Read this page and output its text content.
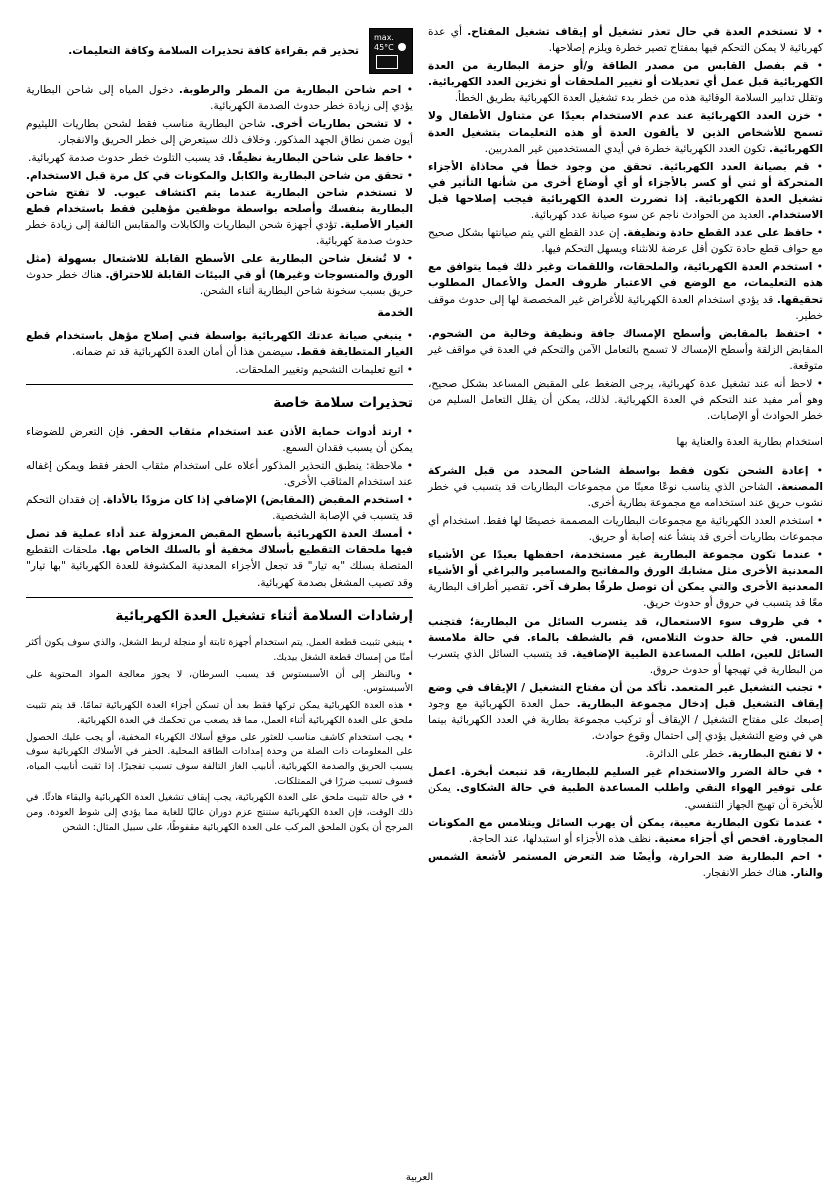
• لا تستخدم العدة في حال تعذر تشغيل أو إيقاف تشغيل المفتاح. أي عدة كهربائية لا يمكن التحكم فيها بمفتاح تصير خطرة ويلزم إصلاحها.
• قم بفصل القابس من مصدر الطاقة و/أو حزمة البطارية من العدة الكهربائية قبل عمل أي تعديلات أو تغيير الملحقات أو تخزين العدد الكهربائية. وتقلل تدابير السلامة الوقائية هذه من خطر بدء تشغيل العدة الكهربائية بطريق الخطأ.
• خزن العدد الكهربائية عند عدم الاستخدام بعيدًا عن متناول الأطفال ولا تسمح للأشخاص الذين لا يألفون العدة أو هذه التعليمات بتشغيل العدة الكهربائية. تكون العدد الكهربائية خطرة في أيدي المستخدمين غير المدربين.
• قم بصيانة العدد الكهربائية. تحقق من وجود خطأ في محاذاة الأجزاء المتحركة أو ثني أو كسر بالأجزاء أو أي أوضاع أخرى من شأنها التأثير في تشغيل العدة الكهربائية. إذا تضررت العدة الكهربائية فيجب إصلاحها قبل الاستخدام. العديد من الحوادث ناجم عن سوء صيانة عدد كهربائية.
• حافظ على عدد القطع حادة ونظيفة. إن عدد القطع التي يتم صيانتها بشكل صحيح مع حواف قطع حادة تكون أقل عرضة للانثناء ويسهل التحكم فيها.
• استخدم العدة الكهربائية، والملحقات، واللقمات وغير ذلك فيما يتوافق مع هذه التعليمات، مع الوضع في الاعتبار ظروف العمل والأعمال المطلوب تحقيقها. قد يؤدي استخدام العدة الكهربائية للأغراض غير المخصصة لها إلى حدوث موقف خطير.
• احتفظ بالمقابض وأسطح الإمساك جافة ونظيفة وخالية من الشحوم. المقابض الزلقة وأسطح الإمساك لا تسمح بالتعامل الآمن والتحكم في العدة في مواقف غير متوقعة.
• لاحظ أنه عند تشغيل عدة كهربائية، يرجى الضغط على المقبض المساعد بشكل صحيح، وهو أمر مفيد عند التحكم في العدة الكهربائية. لذلك، يمكن أن يقلل التعامل السليم من خطر الحوادث أو الإصابات.
استخدام بطارية العدة والعناية بها
• إعادة الشحن تكون فقط بواسطة الشاحن المحدد من قبل الشركة المصنعة. الشاحن الذي يناسب نوعًا معينًا من مجموعات البطاريات قد يتسبب في خطر نشوب حريق عند استخدامه مع مجموعة بطارية أخرى.
• استخدم العدد الكهربائية مع مجموعات البطاريات المصممة خصيصًا لها فقط. استخدام أي مجموعات بطاريات أخرى قد ينشأ عنه إصابة أو حريق.
• عندما تكون مجموعة البطارية غير مستخدمة، احفظها بعيدًا عن الأشياء المعدنية الأخرى مثل مشابك الورق والمفاتيح والمسامير والبراغي أو الأشياء المعدنية الأخرى والتي يمكن أن توصل طرفًا بطرف آخر. تقصير أطراف البطارية معًا قد يتسبب في حروق أو حدوث حريق.
• في ظروف سوء الاستعمال، قد يتسرب السائل من البطارية؛ فتجنب اللمس. في حالة حدوث التلامس، قم بالشطف بالماء. في حالة ملامسة السائل للعين، اطلب المساعدة الطبية الإضافية. قد يتسبب السائل الذي يتسرب من البطارية في تهيجها أو حدوث حروق.
• تجنب التشغيل غير المتعمد. تأكد من أن مفتاح التشغيل / الإيقاف في وضع إيقاف التشغيل قبل إدخال مجموعة البطارية. حمل العدة الكهربائية مع وجود إصبعك على مفتاح التشغيل / الإيقاف أو تركيب مجموعة بطارية في العدد الكهربائية بينما هي في وضع التشغيل يؤدي إلى احتمال وقوع حوادث.
• لا تفتح البطارية. خطر على الدائرة.
• في حالة الضرر والاستخدام غير السليم للبطارية، قد تنبعث أبخرة. اعمل على توفير الهواء النقي واطلب المساعدة الطبية في حالة الشكاوى. يمكن للأبخرة أن تهيج الجهاز التنفسي.
• عندما تكون البطارية معيبة، يمكن أن يهرب السائل ويتلامس مع المكونات المجاورة. افحص أي أجزاء معنية. نظف هذه الأجزاء أو استبدلها، عند الحاجة.
• احم البطارية ضد الحرارة، وأيضًا ضد التعرض المستمر لأشعة الشمس والنار. هناك خطر الانفجار.
max.
45°C
تحذير قم بقراءة كافة تحذيرات السلامة وكافة التعليمات.
• احم شاحن البطارية من المطر والرطوبة. دخول المياه إلى شاحن البطارية يؤدي إلى زيادة خطر حدوث الصدمة الكهربائية.
• لا تشحن بطاريات أخرى. شاحن البطارية مناسب فقط لشحن بطاريات الليثيوم أيون ضمن نطاق الجهد المذكور. وخلاف ذلك سيتعرض إلى خطر الحريق والانفجار.
• حافظ على شاحن البطارية نظيفًا. قد يسبب التلوث خطر حدوث صدمة كهربائية.
• تحقق من شاحن البطارية والكابل والمكونات في كل مرة قبل الاستخدام. لا تستخدم شاحن البطارية عندما يتم اكتشاف عيوب. لا تفتح شاحن البطارية بنفسك وأصلحه بواسطة موظفين مؤهلين فقط باستخدام قطع الغيار الأصلية. تؤدي أجهزة شحن البطاريات والكابلات والمقابس التالفة إلى زيادة خطر حدوث صدمة كهربائية.
• لا تُشغل شاحن البطارية على الأسطح القابلة للاشتعال بسهولة (مثل الورق والمنسوجات وغيرها) أو في البيئات القابلة للاحتراق. هناك خطر حدوث حريق بسبب سخونة شاحن البطارية أثناء الشحن.
الخدمة
• ينبغي صيانة عدتك الكهربائية بواسطة فني إصلاح مؤهل باستخدام قطع الغيار المتطابقة فقط. سيضمن هذا أن أمان العدة الكهربائية قد تم ضمانه.
• اتبع تعليمات التشحيم وتغيير الملحقات.
تحذيرات سلامة خاصة
• ارتد أدوات حماية الأذن عند استخدام مثقاب الحفر. فإن التعرض للضوضاء يمكن أن يسبب فقدان السمع.
• ملاحظة: ينطبق التحذير المذكور أعلاه على استخدام مثقاب الحفر فقط ويمكن إغفاله عند استخدام المثاقب الأخرى.
• استخدم المقبض (المقابض) الإضافي إذا كان مزودًا بالأداة. إن فقدان التحكم قد يتسبب في الإصابة الشخصية.
• أمسك العدة الكهربائية بأسطح المقبض المعزولة عند أداء عملية قد تصل فيها ملحقات التقطيع بأسلاك مخفية أو بالسلك الخاص بها. ملحقات التقطيع المتصلة بسلك "به تيار" قد تجعل الأجزاء المعدنية المكشوفة للعدة الكهربائية "بها تيار" وقد تصيب المشغل بصدمة كهربائية.
إرشادات السلامة أثناء تشغيل العدة الكهربائية
• ينبغي تثبيت قطعة العمل. يتم استخدام أجهزة ثابتة أو منجلة لربط الشغل، والذي سوف يكون أكثر أمنًا من إمساك قطعة الشغل بيديك.
• وبالنظر إلى أن الأسبستوس قد يسبب السرطان، لا يجوز معالجة المواد المحتوية على الأسبستوس.
• هذه العدة الكهربائية يمكن تركها فقط بعد أن تسكن أجزاء العدة الكهربائية تمامًا. قد يتم تثبيت ملحق على العدة الكهربائية أثناء العمل، مما قد يصعب من تحكمك في العدة الكهربائية.
• يجب استخدام كاشف مناسب للعثور على موقع أسلاك الكهرباء المخفية، أو يجب عليك الحصول على المعلومات ذات الصلة من وحدة إمدادات الطاقة المحلية. الحفر في الأسلاك الكهربائية سوف يسبب الحريق والصدمة الكهربائية. أنابيب الغاز التالفة سوف تسبب تفجيرًا. إذا ثقبت أنابيب المياه، فسوف تسبب ضررًا في الممتلكات.
• في حالة تثبيت ملحق على العدة الكهربائية، يجب إيقاف تشغيل العدة الكهربائية والبقاء هادئًا. في ذلك الوقت، فإن العدة الكهربائية ستنتج عزم دوران عاليًا للغاية مما يؤدي إلى شوط العودة. ومن المرجح أن يكون الملحق المركب على العدة الكهربائية مقفوطًا، على سبيل المثال: الشحن
العربية
